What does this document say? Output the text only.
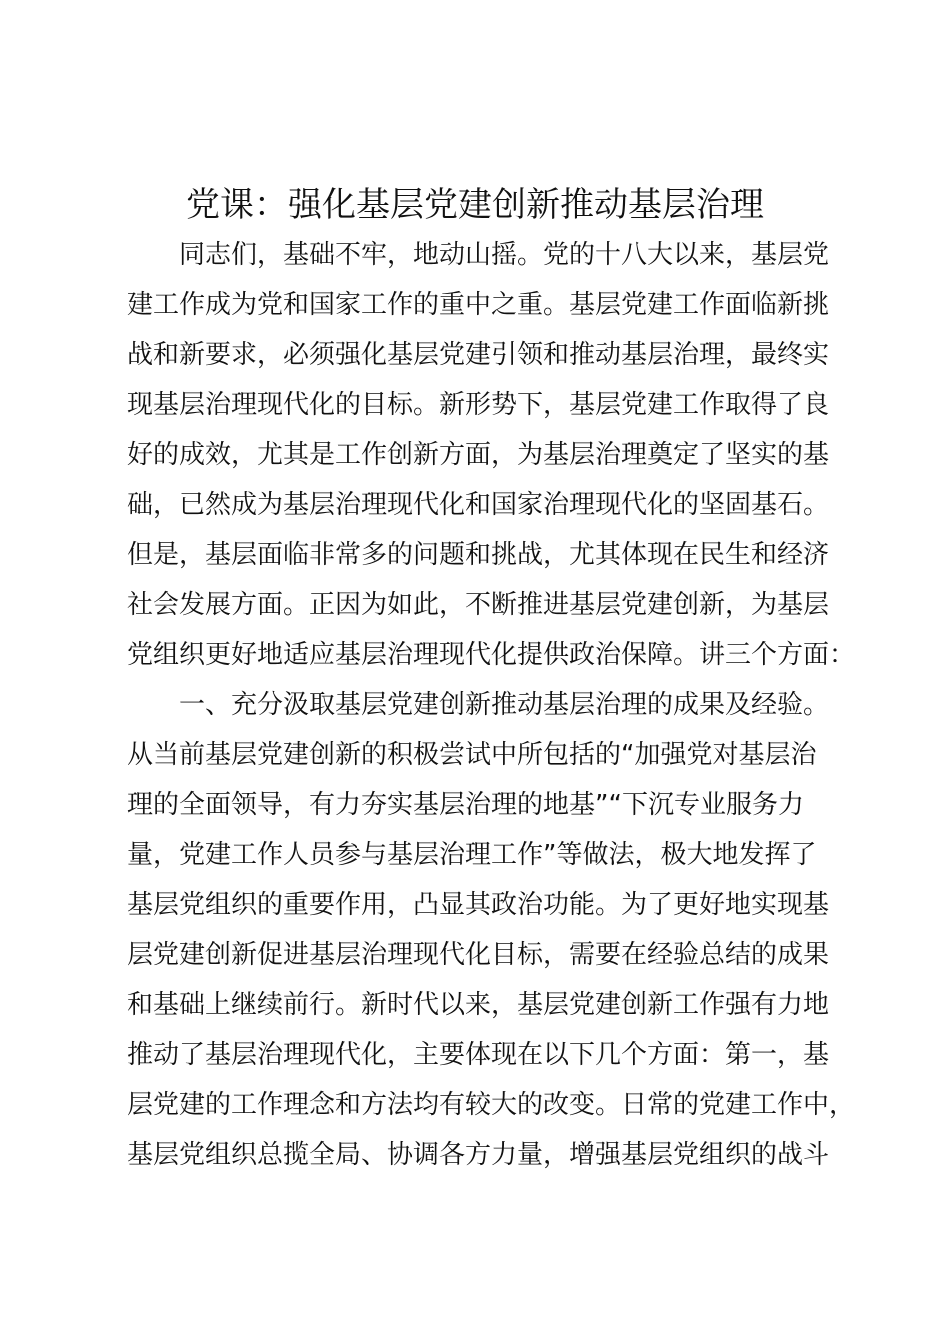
党课：强化基层党建创新推动基层治理

同志们，基础不牢，地动山摇。党的十八大以来，基层党

建工作成为党和国家工作的重中之重。基层党建工作面临新挑

战和新要求，必须强化基层党建引领和推动基层治理，最终实

现基层治理现代化的目标。新形势下，基层党建工作取得了良

好的成效，尤其是工作创新方面，为基层治理奠定了坚实的基

础，已然成为基层治理现代化和国家治理现代化的坚固基石。

但是，基层面临非常多的问题和挑战，尤其体现在民生和经济

社会发展方面。正因为如此，不断推进基层党建创新，为基层

党组织更好地适应基层治理现代化提供政治保障。讲三个方面：

一、充分汲取基层党建创新推动基层治理的成果及经验。

从当前基层党建创新的积极尝试中所包括的“加强党对基层治

理的全面领导，有力夯实基层治理的地基”“下沉专业服务力

量，党建工作人员参与基层治理工作”等做法，极大地发挥了

基层党组织的重要作用，凸显其政治功能。为了更好地实现基

层党建创新促进基层治理现代化目标，需要在经验总结的成果

和基础上继续前行。新时代以来，基层党建创新工作强有力地

推动了基层治理现代化，主要体现在以下几个方面：第一，基

层党建的工作理念和方法均有较大的改变。日常的党建工作中，

基层党组织总揽全局、协调各方力量，增强基层党组织的战斗
